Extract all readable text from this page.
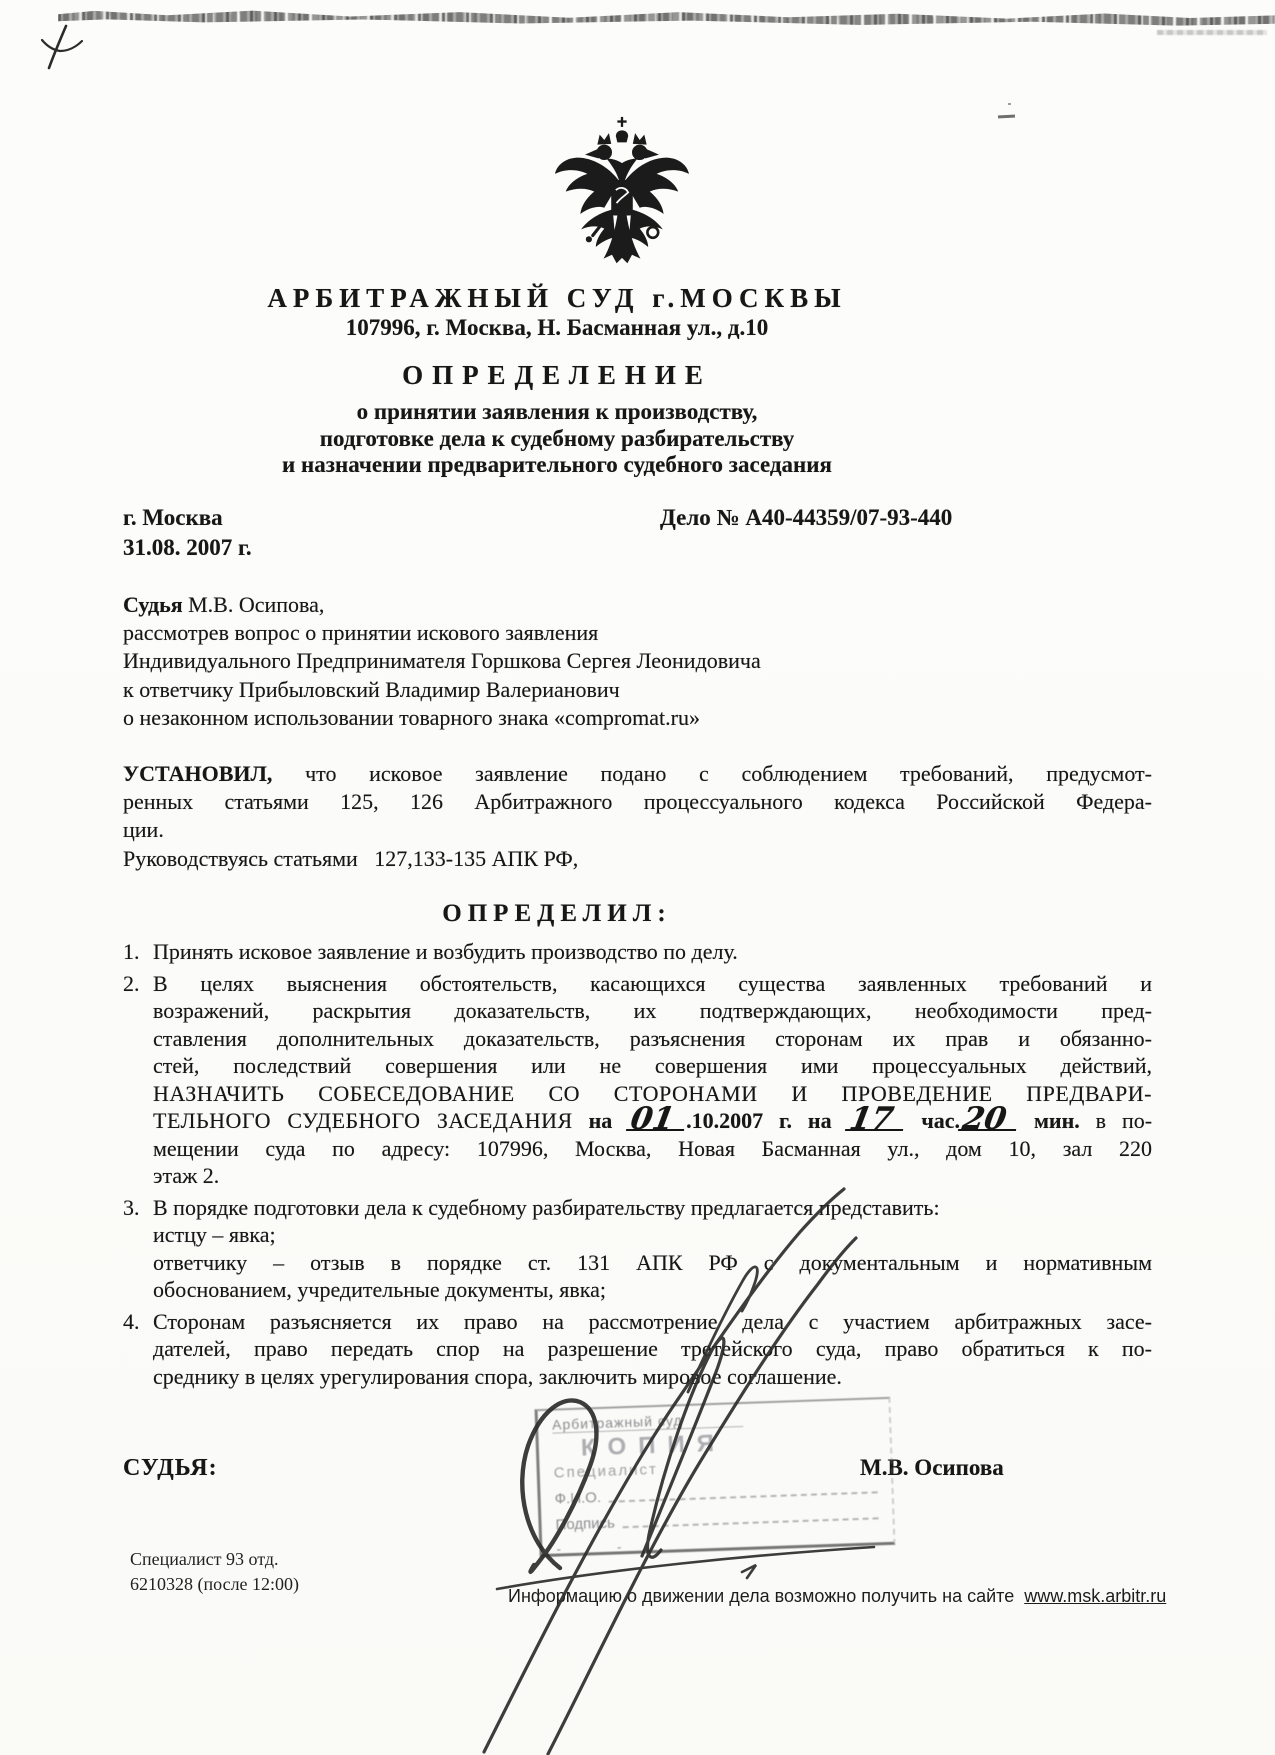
АРБИТРАЖНЫЙ СУД г.МОСКВЫ
107996, г. Москва, Н. Басманная ул., д.10
ОПРЕДЕЛЕНИЕ
о принятии заявления к производству,
подготовке дела к судебному разбирательству
и назначении предварительного судебного заседания
г. Москва	Дело № А40-44359/07-93-440
31.08. 2007 г.
Судья М.В. Осипова,
рассмотрев вопрос о принятии искового заявления
Индивидуального Предпринимателя Горшкова Сергея Леонидовича
к ответчику Прибыловский Владимир Валерианович
о незаконном использовании товарного знака «compromat.ru»
УСТАНОВИЛ, что исковое заявление подано с соблюдением требований, предусмот-
ренных статьями 125, 126 Арбитражного процессуального кодекса Российской Федера-
ции.
Руководствуясь статьями   127,133-135 АПК РФ,
ОПРЕДЕЛИЛ:
1. Принять исковое заявление и возбудить производство по делу.
2. В целях выяснения обстоятельств, касающихся существа заявленных требований и
возражений, раскрытия доказательств, их подтверждающих, необходимости пред-
ставления дополнительных доказательств, разъяснения сторонам их прав и обязанно-
стей, последствий совершения или не совершения ими процессуальных действий,
НАЗНАЧИТЬ СОБЕСЕДОВАНИЕ СО СТОРОНАМИ И ПРОВЕДЕНИЕ ПРЕДВАРИ-
ТЕЛЬНОГО СУДЕБНОГО ЗАСЕДАНИЯ на 01 .10.2007 г. на 17 час.20 мин. в по-
мещении суда по адресу: 107996, Москва, Новая Басманная ул., дом 10, зал 220
этаж 2.
3. В порядке подготовки дела к судебному разбирательству предлагается представить:
истцу – явка;
ответчику – отзыв в порядке ст. 131 АПК РФ с документальным и нормативным
обоснованием, учредительные документы, явка;
4. Сторонам разъясняется их право на рассмотрение дела с участием арбитражных засе-
дателей, право передать спор на разрешение третейского суда, право обратиться к по-
среднику в целях урегулирования спора, заключить мировое соглашение.
СУДЬЯ:	М.В. Осипова
Арбитражный суд
КОПИЯ
Специалист
Ф.И.О.
Подпись
- -
Специалист 93 отд.
6210328 (после 12:00)
Информацию о движении дела возможно получить на сайте www.msk.arbitr.ru
